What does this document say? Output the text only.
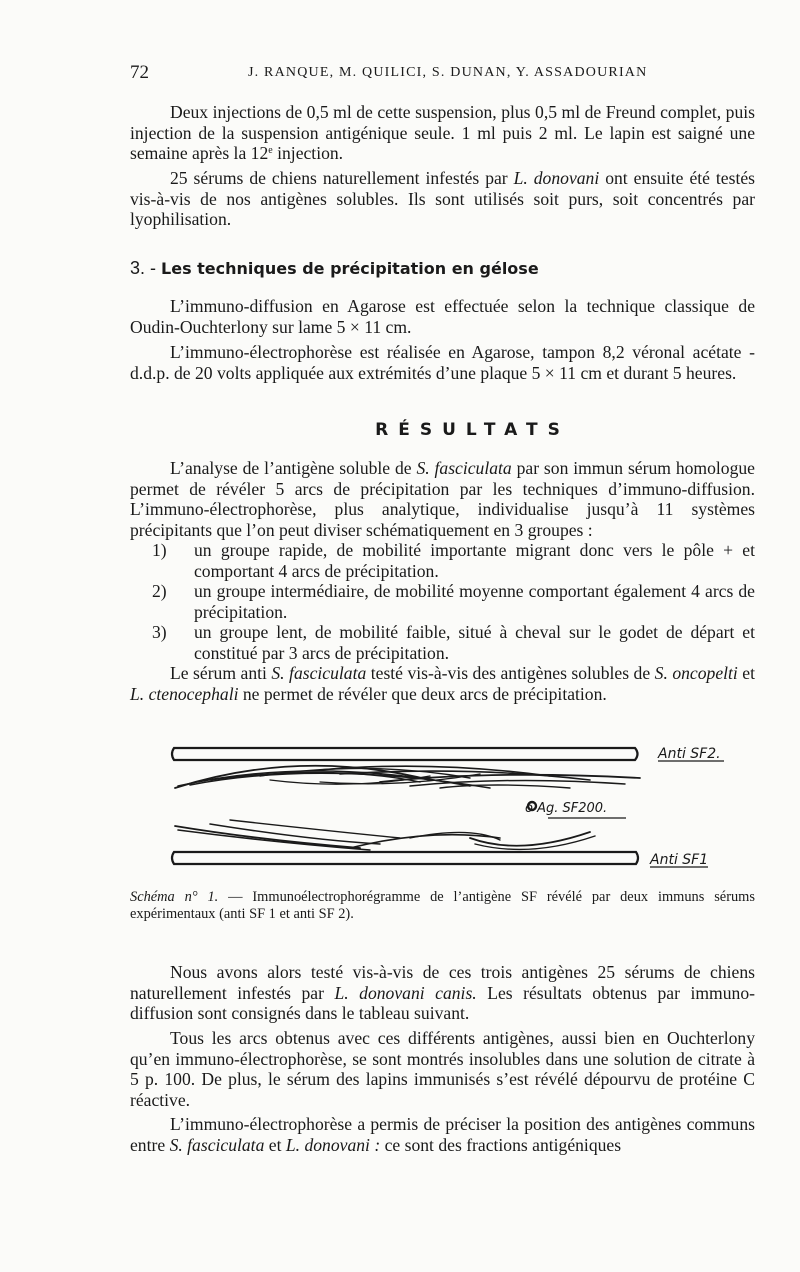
72	J. RANQUE, M. QUILICI, S. DUNAN, Y. ASSADOURIAN

Deux injections de 0,5 ml de cette suspension, plus 0,5 ml de Freund complet, puis injection de la suspension antigénique seule. 1 ml puis 2 ml. Le lapin est saigné une semaine après la 12e injection.

25 sérums de chiens naturellement infestés par L. donovani ont ensuite été testés vis-à-vis de nos antigènes solubles. Ils sont utilisés soit purs, soit concentrés par lyophilisation.

3. - Les techniques de précipitation en gélose

L’immuno-diffusion en Agarose est effectuée selon la technique classique de Oudin-Ouchterlony sur lame 5 × 11 cm.

L’immuno-électrophorèse est réalisée en Agarose, tampon 8,2 véronal acétate - d.d.p. de 20 volts appliquée aux extrémités d’une plaque 5 × 11 cm et durant 5 heures.

RÉSULTATS

L’analyse de l’antigène soluble de S. fasciculata par son immun sérum homologue permet de révéler 5 arcs de précipitation par les techniques d’immuno-diffusion. L’immuno-électrophorèse, plus analytique, individualise jusqu’à 11 systèmes précipitants que l’on peut diviser schématiquement en 3 groupes :

1)	un groupe rapide, de mobilité importante migrant donc vers le pôle + et comportant 4 arcs de précipitation.
2)	un groupe intermédiaire, de mobilité moyenne comportant également 4 arcs de précipitation.
3)	un groupe lent, de mobilité faible, situé à cheval sur le godet de départ et constitué par 3 arcs de précipitation.

Le sérum anti S. fasciculata testé vis-à-vis des antigènes solubles de S. oncopelti et L. ctenocephali ne permet de révéler que deux arcs de précipitation.

Schéma n° 1. — Immunoélectrophorégramme de l’antigène SF révélé par deux immuns sérums expérimentaux (anti SF 1 et anti SF 2).

Nous avons alors testé vis-à-vis de ces trois antigènes 25 sérums de chiens naturellement infestés par L. donovani canis. Les résultats obtenus par immuno-diffusion sont consignés dans le tableau suivant.

Tous les arcs obtenus avec ces différents antigènes, aussi bien en Ouchterlony qu’en immuno-électrophorèse, se sont montrés insolubles dans une solution de citrate à 5 p. 100. De plus, le sérum des lapins immunisés s’est révélé dépourvu de protéine C réactive.

L’immuno-électrophorèse a permis de préciser la position des antigènes communs entre S. fasciculata et L. donovani : ce sont des fractions antigéniques

Anti SF2.
o Ag. SF200.
Anti SF1
